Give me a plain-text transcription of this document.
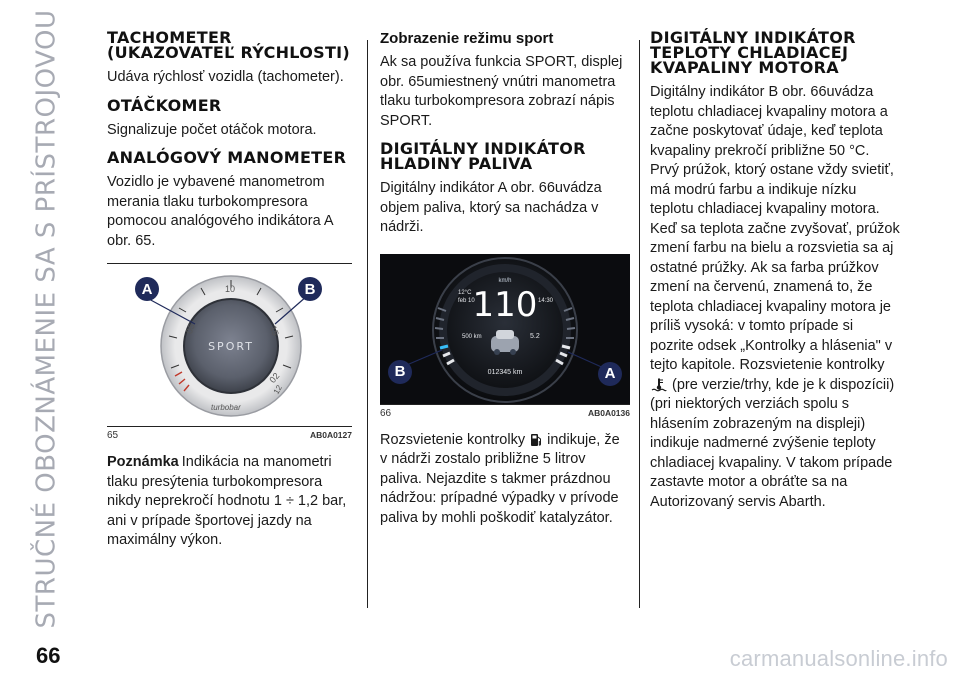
STRUČNÉ OBOZNÁMENIE SA S PRÍSTROJOVOU
66
TACHOMETER (UKAZOVATEĽ RÝCHLOSTI)

Udáva rýchlosť vozidla (tachometer).

OTÁČKOMER

Signalizuje počet otáčok motora.

ANALÓGOVÝ MANOMETER

Vozidlo je vybavené manometrom merania tlaku turbokompresora pomocou analógového indikátora A obr. 65.

10
05	15
02
12
turbobar
SPORT
A	B
65	AB0A0127

Poznámka Indikácia na manometri tlaku presýtenia turbokompresora nikdy neprekročí hodnotu 1 ÷ 1,2 bar, ani v prípade športovej jazdy na maximálny výkon.

Zobrazenie režimu sport

Ak sa používa funkcia SPORT, displej obr. 65umiestnený vnútri manometra tlaku turbokompresora zobrazí nápis SPORT.

DIGITÁLNY INDIKÁTOR HLADINY PALIVA

Digitálny indikátor A obr. 66uvádza objem paliva, ktorý sa nachádza v nádrži.

km/h
110
12°C
feb 10	14:30
500 km	5.2
012345 km
B	A
66	AB0A0136

Rozsvietenie kontrolky indikuje, že v nádrži zostalo približne 5 litrov paliva. Nejazdite s takmer prázdnou nádržou: prípadné výpadky v prívode paliva by mohli poškodiť katalyzátor.

DIGITÁLNY INDIKÁTOR TEPLOTY CHLADIACEJ KVAPALINY MOTORA

Digitálny indikátor B obr. 66uvádza teplotu chladiacej kvapaliny motora a začne poskytovať údaje, keď teplota kvapaliny prekročí približne 50 °C. Prvý prúžok, ktorý ostane vždy svietiť, má modrú farbu a indikuje nízku teplotu chladiacej kvapaliny motora. Keď sa teplota začne zvyšovať, prúžok zmení farbu na bielu a rozsvietia sa aj ostatné prúžky. Ak sa farba prúžkov zmení na červenú, znamená to, že teplota chladiacej kvapaliny motora je príliš vysoká: v tomto prípade si pozrite odsek „Kontrolky a hlásenia" v tejto kapitole. Rozsvietenie kontrolky  (pre verzie/trhy, kde je k dispozícii) (pri niektorých verziách spolu s hlásením zobrazeným na displeji) indikuje nadmerné zvýšenie teploty chladiacej kvapaliny. V takom prípade zastavte motor a obráťte sa na Autorizovaný servis Abarth.

carmanualsonline.info
